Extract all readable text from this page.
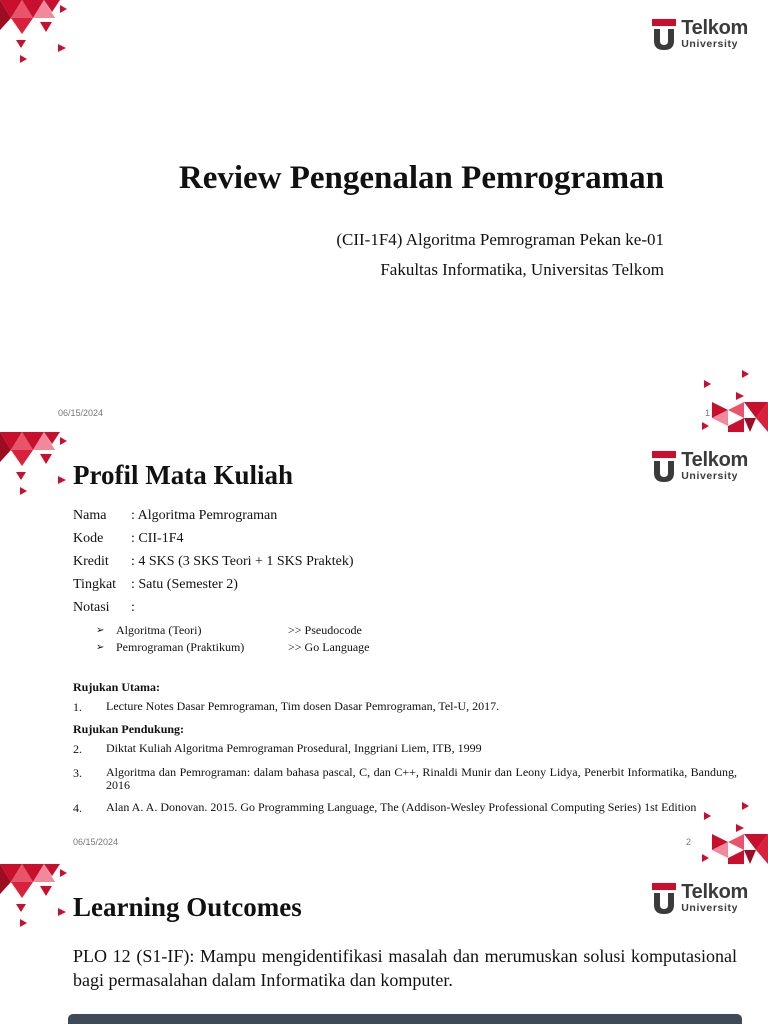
Telkom
University
Review Pengenalan Pemrograman
(CII-1F4) Algoritma Pemrograman Pekan ke-01
Fakultas Informatika, Universitas Telkom
06/15/2024	1
Telkom
University
Profil Mata Kuliah
Nama	: Algoritma Pemrograman
Kode	: CII-1F4
Kredit	: 4 SKS (3 SKS Teori + 1 SKS Praktek)
Tingkat	: Satu (Semester 2)
Notasi	:
➢ Algoritma (Teori)	>> Pseudocode
➢ Pemrograman (Praktikum)	>> Go Language
Rujukan Utama:
1.	Lecture Notes Dasar Pemrograman, Tim dosen Dasar Pemrograman, Tel-U, 2017.
Rujukan Pendukung:
2.	Diktat Kuliah Algoritma Pemrograman Prosedural, Inggriani Liem, ITB, 1999
3.	Algoritma dan Pemrograman: dalam bahasa pascal, C, dan C++, Rinaldi Munir dan Leony Lidya, Penerbit Informatika, Bandung, 2016
4.	Alan A. A. Donovan. 2015. Go Programming Language, The (Addison-Wesley Professional Computing Series) 1st Edition
06/15/2024	2
Telkom
University
Learning Outcomes
PLO 12 (S1-IF): Mampu mengidentifikasi masalah dan merumuskan solusi komputasional bagi permasalahan dalam Informatika dan komputer.
